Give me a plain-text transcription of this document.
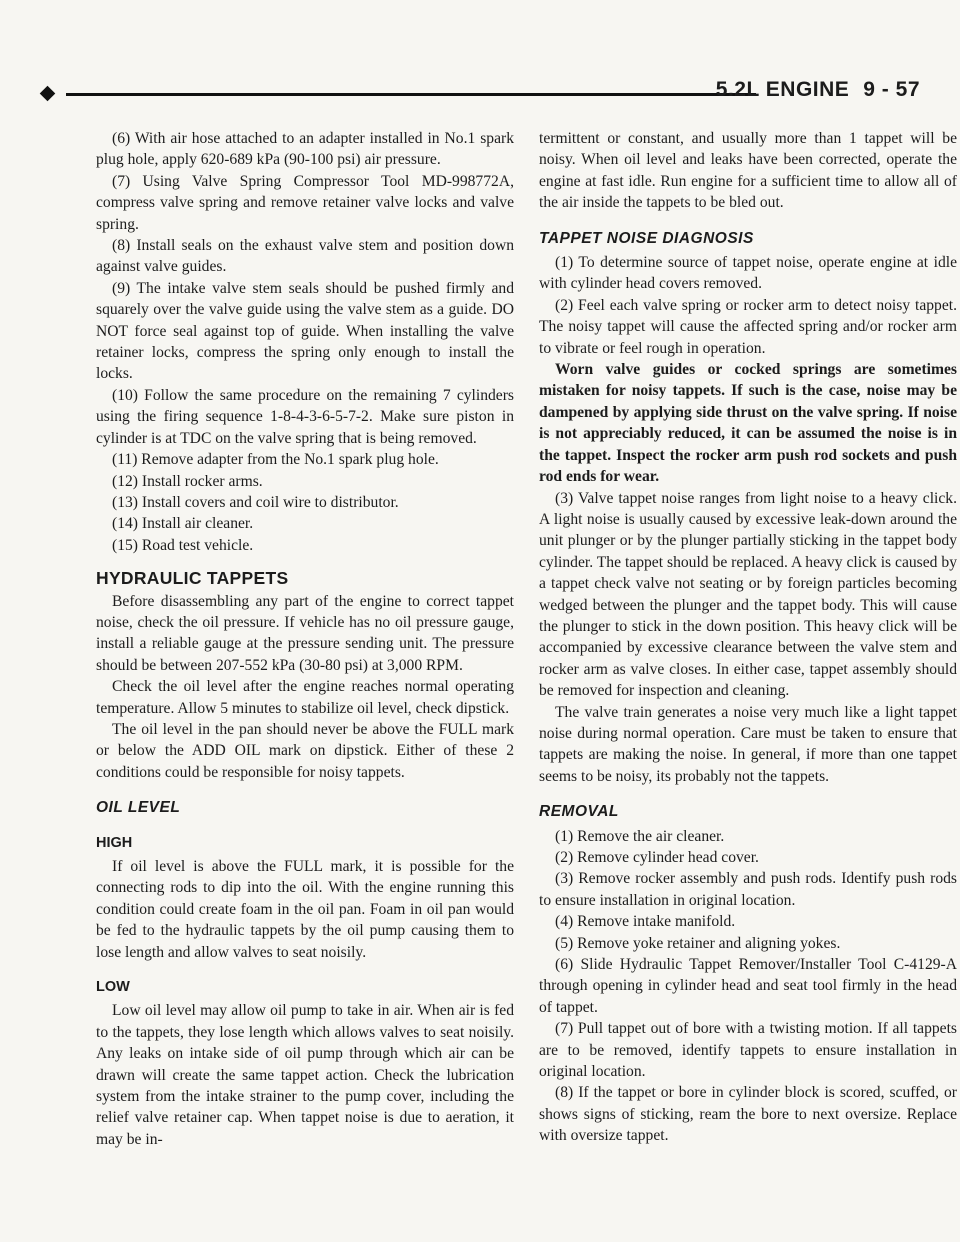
5.2L ENGINE 9 - 57

(6) With air hose attached to an adapter installed in No.1 spark plug hole, apply 620-689 kPa (90-100 psi) air pressure.

(7) Using Valve Spring Compressor Tool MD-998772A, compress valve spring and remove retainer valve locks and valve spring.

(8) Install seals on the exhaust valve stem and position down against valve guides.

(9) The intake valve stem seals should be pushed firmly and squarely over the valve guide using the valve stem as a guide. DO NOT force seal against top of guide. When installing the valve retainer locks, compress the spring only enough to install the locks.

(10) Follow the same procedure on the remaining 7 cylinders using the firing sequence 1-8-4-3-6-5-7-2. Make sure piston in cylinder is at TDC on the valve spring that is being removed.

(11) Remove adapter from the No.1 spark plug hole.

(12) Install rocker arms.

(13) Install covers and coil wire to distributor.

(14) Install air cleaner.

(15) Road test vehicle.

HYDRAULIC TAPPETS

Before disassembling any part of the engine to correct tappet noise, check the oil pressure. If vehicle has no oil pressure gauge, install a reliable gauge at the pressure sending unit. The pressure should be between 207-552 kPa (30-80 psi) at 3,000 RPM.

Check the oil level after the engine reaches normal operating temperature. Allow 5 minutes to stabilize oil level, check dipstick.

The oil level in the pan should never be above the FULL mark or below the ADD OIL mark on dipstick. Either of these 2 conditions could be responsible for noisy tappets.

OIL LEVEL
HIGH

If oil level is above the FULL mark, it is possible for the connecting rods to dip into the oil. With the engine running this condition could create foam in the oil pan. Foam in oil pan would be fed to the hydraulic tappets by the oil pump causing them to lose length and allow valves to seat noisily.

LOW

Low oil level may allow oil pump to take in air. When air is fed to the tappets, they lose length which allows valves to seat noisily. Any leaks on intake side of oil pump through which air can be drawn will create the same tappet action. Check the lubrication system from the intake strainer to the pump cover, including the relief valve retainer cap. When tappet noise is due to aeration, it may be in-

termittent or constant, and usually more than 1 tappet will be noisy. When oil level and leaks have been corrected, operate the engine at fast idle. Run engine for a sufficient time to allow all of the air inside the tappets to be bled out.

TAPPET NOISE DIAGNOSIS

(1) To determine source of tappet noise, operate engine at idle with cylinder head covers removed.

(2) Feel each valve spring or rocker arm to detect noisy tappet. The noisy tappet will cause the affected spring and/or rocker arm to vibrate or feel rough in operation.

Worn valve guides or cocked springs are sometimes mistaken for noisy tappets. If such is the case, noise may be dampened by applying side thrust on the valve spring. If noise is not appreciably reduced, it can be assumed the noise is in the tappet. Inspect the rocker arm push rod sockets and push rod ends for wear.

(3) Valve tappet noise ranges from light noise to a heavy click. A light noise is usually caused by excessive leak-down around the unit plunger or by the plunger partially sticking in the tappet body cylinder. The tappet should be replaced. A heavy click is caused by a tappet check valve not seating or by foreign particles becoming wedged between the plunger and the tappet body. This will cause the plunger to stick in the down position. This heavy click will be accompanied by excessive clearance between the valve stem and rocker arm as valve closes. In either case, tappet assembly should be removed for inspection and cleaning.

The valve train generates a noise very much like a light tappet noise during normal operation. Care must be taken to ensure that tappets are making the noise. In general, if more than one tappet seems to be noisy, its probably not the tappets.

REMOVAL

(1) Remove the air cleaner.

(2) Remove cylinder head cover.

(3) Remove rocker assembly and push rods. Identify push rods to ensure installation in original location.

(4) Remove intake manifold.

(5) Remove yoke retainer and aligning yokes.

(6) Slide Hydraulic Tappet Remover/Installer Tool C-4129-A through opening in cylinder head and seat tool firmly in the head of tappet.

(7) Pull tappet out of bore with a twisting motion. If all tappets are to be removed, identify tappets to ensure installation in original location.

(8) If the tappet or bore in cylinder block is scored, scuffed, or shows signs of sticking, ream the bore to next oversize. Replace with oversize tappet.
